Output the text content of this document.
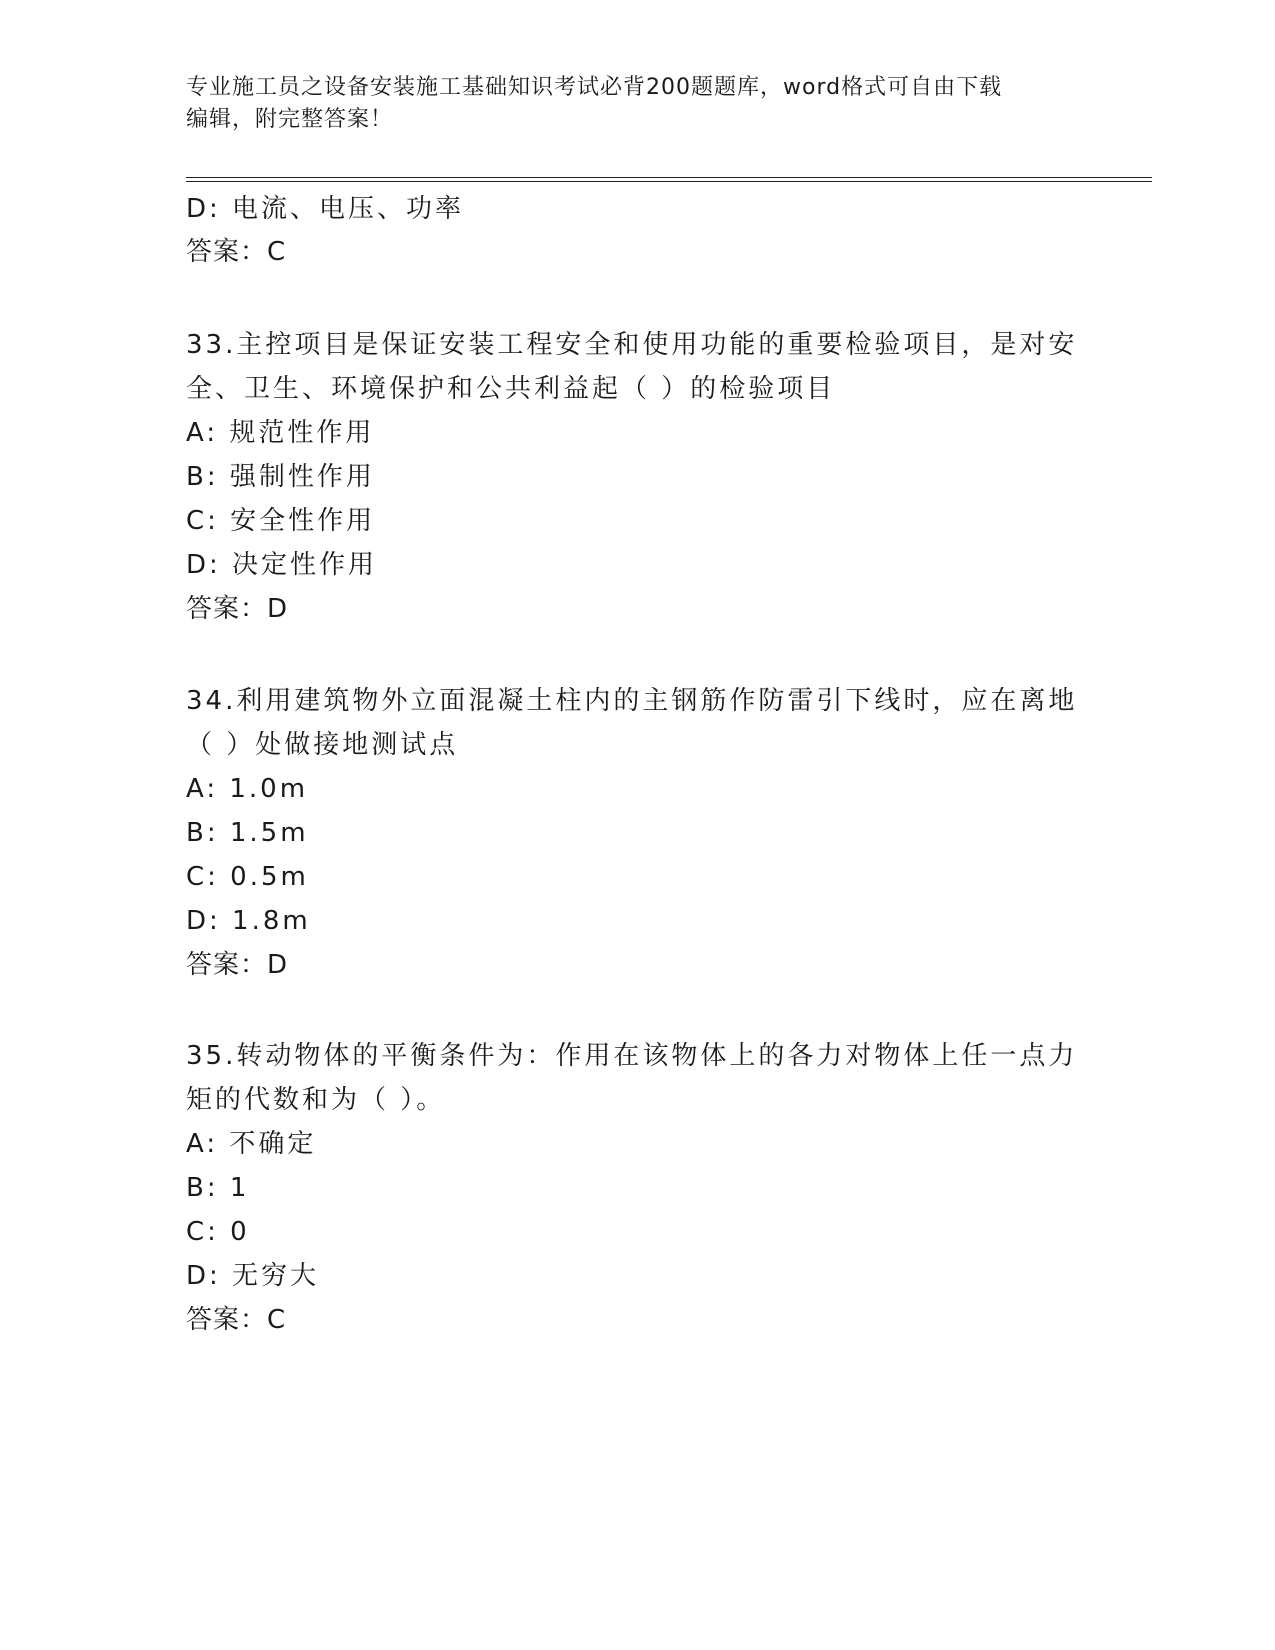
专业施工员之设备安装施工基础知识考试必背200题题库，word格式可自由下载
编辑，附完整答案！
D: 电流、电压、功率
答案：C
33.主控项目是保证安装工程安全和使用功能的重要检验项目，是对安
全、卫生、环境保护和公共利益起（ ）的检验项目
A: 规范性作用
B: 强制性作用
C: 安全性作用
D: 决定性作用
答案：D
34.利用建筑物外立面混凝土柱内的主钢筋作防雷引下线时，应在离地
（ ）处做接地测试点
A: 1.0m
B: 1.5m
C: 0.5m
D: 1.8m
答案：D
35.转动物体的平衡条件为：作用在该物体上的各力对物体上任一点力
矩的代数和为（ ）。
A: 不确定
B: 1
C: 0
D: 无穷大
答案：C
